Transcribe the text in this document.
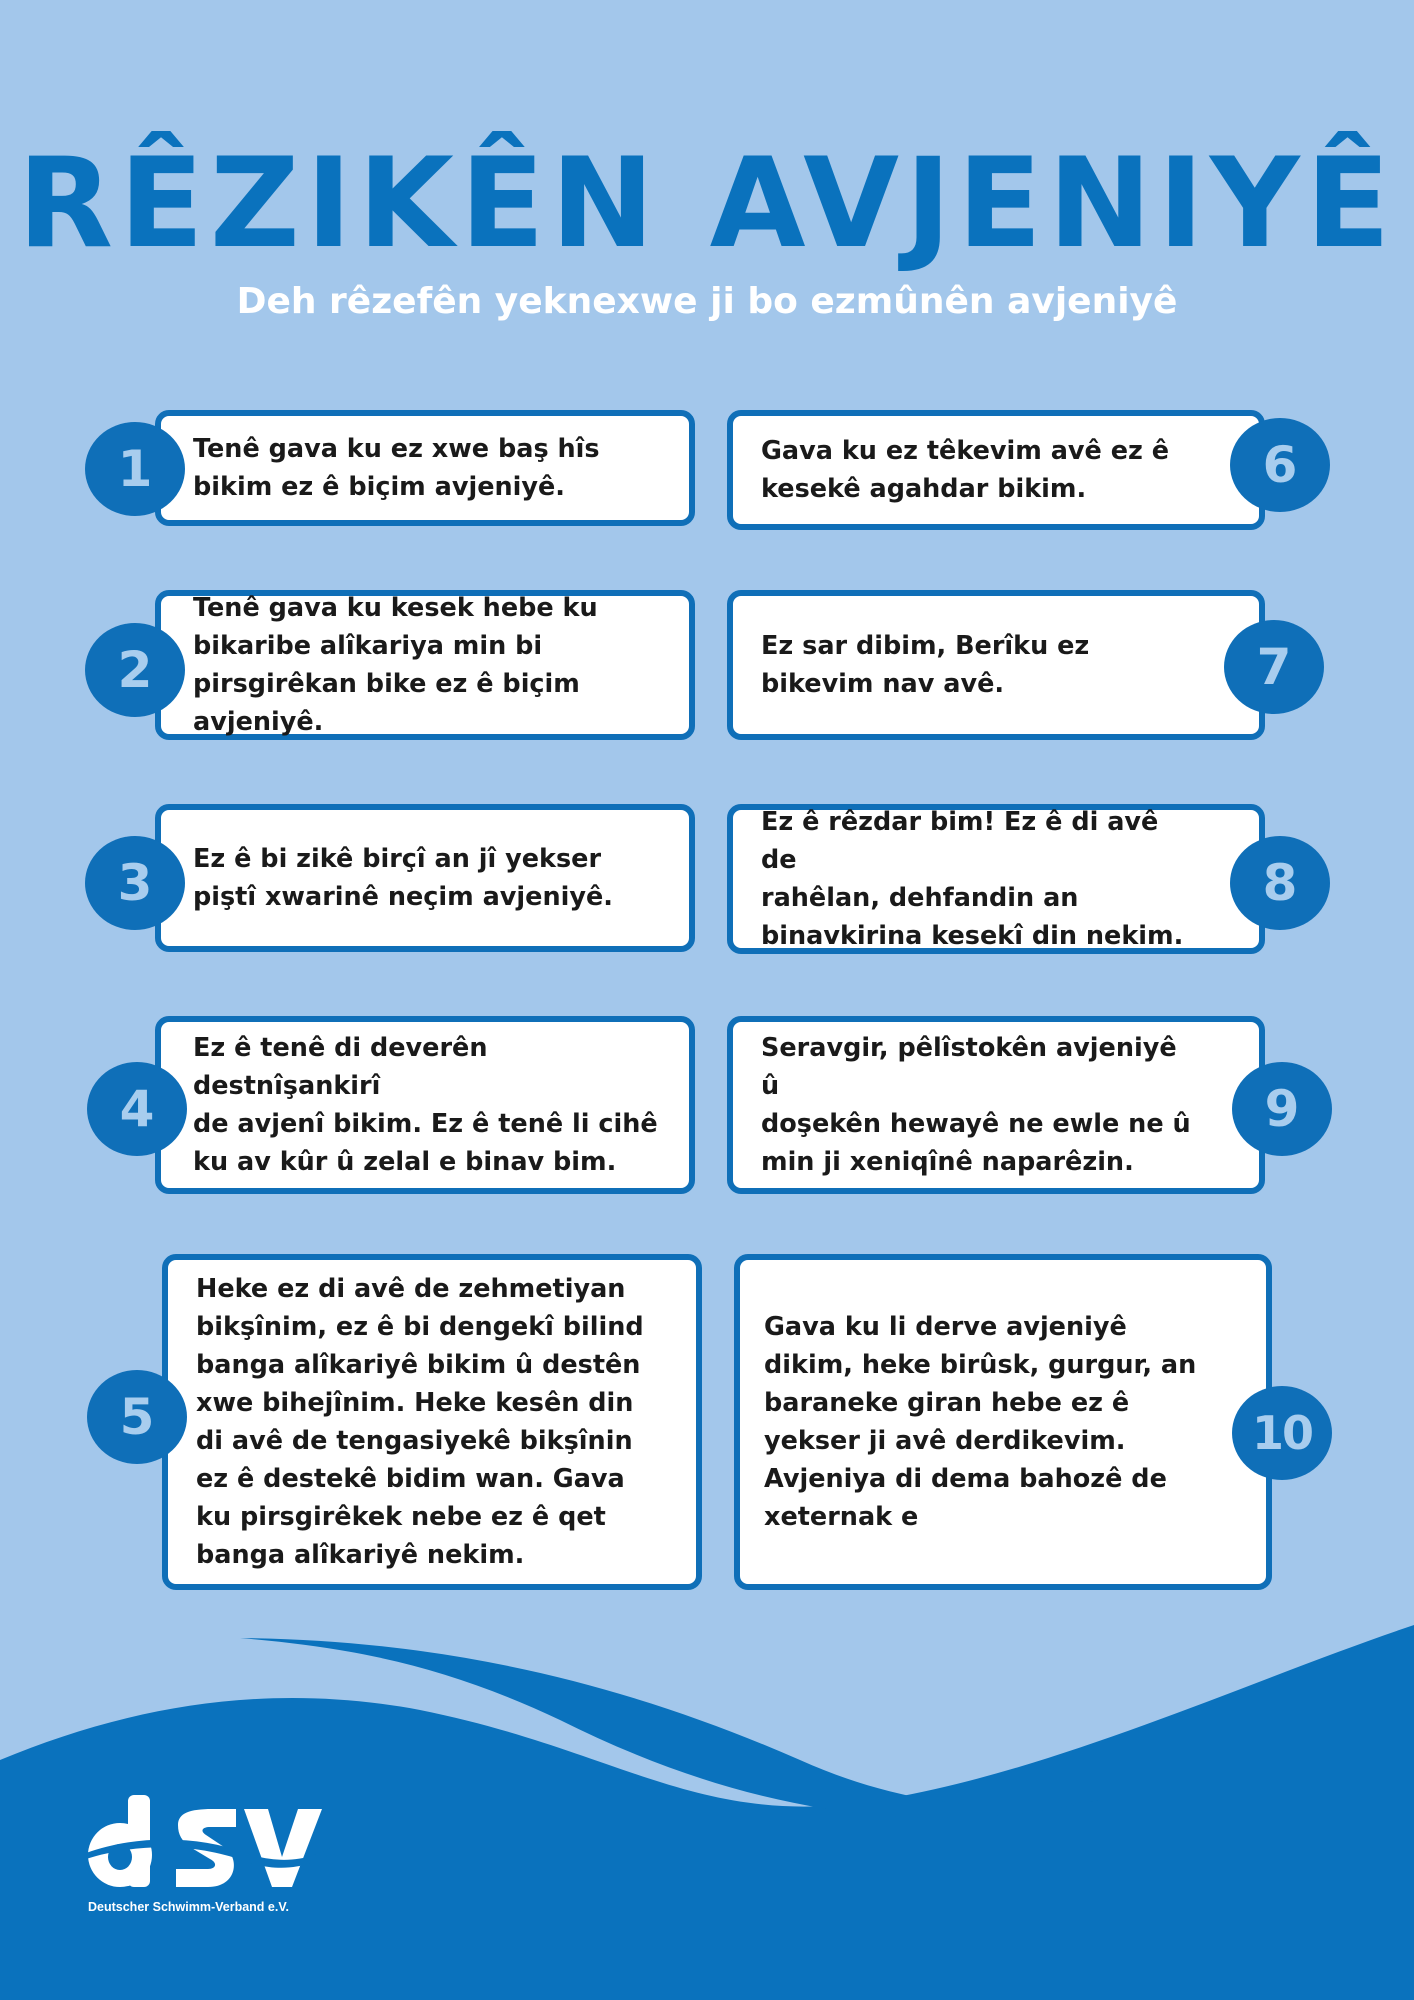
RÊZIKÊN AVJENIYÊ

Deh rêzefên yeknexwe ji bo ezmûnên avjeniyê

Tenê gava ku ez xwe baş hîs
bikim ez ê biçim avjeniyê.
1
Tenê gava ku kesek hebe ku
bikaribe alîkariya min bi
pirsgirêkan bike ez ê biçim avjeniyê.
2
Ez ê bi zikê birçî an jî yekser
piştî xwarinê neçim avjeniyê.
3
Ez ê tenê di deverên destnîşankirî
de avjenî bikim. Ez ê tenê li cihê
ku av kûr û zelal e binav bim.
4
Heke ez di avê de zehmetiyan
bikşînim, ez ê bi dengekî bilind
banga alîkariyê bikim û destên
xwe bihejînim. Heke kesên din
di avê de tengasiyekê bikşînin
ez ê destekê bidim wan. Gava
ku pirsgirêkek nebe ez ê qet
banga alîkariyê nekim.
5
Gava ku ez têkevim avê ez ê
kesekê agahdar bikim.	6
Ez sar dibim, Berîku ez
bikevim nav avê.	7
Ez ê rêzdar bim! Ez ê di avê de
rahêlan, dehfandin an
binavkirina kesekî din nekim.
8
Seravgir, pêlîstokên avjeniyê û
doşekên hewayê ne ewle ne û
min ji xeniqînê naparêzin.
9
Gava ku li derve avjeniyê
dikim, heke birûsk, gurgur, an
baraneke giran hebe ez ê
yekser ji avê derdikevim.
Avjeniya di dema bahozê de
xeternak e
10
Deutscher Schwimm-Verband e.V.
